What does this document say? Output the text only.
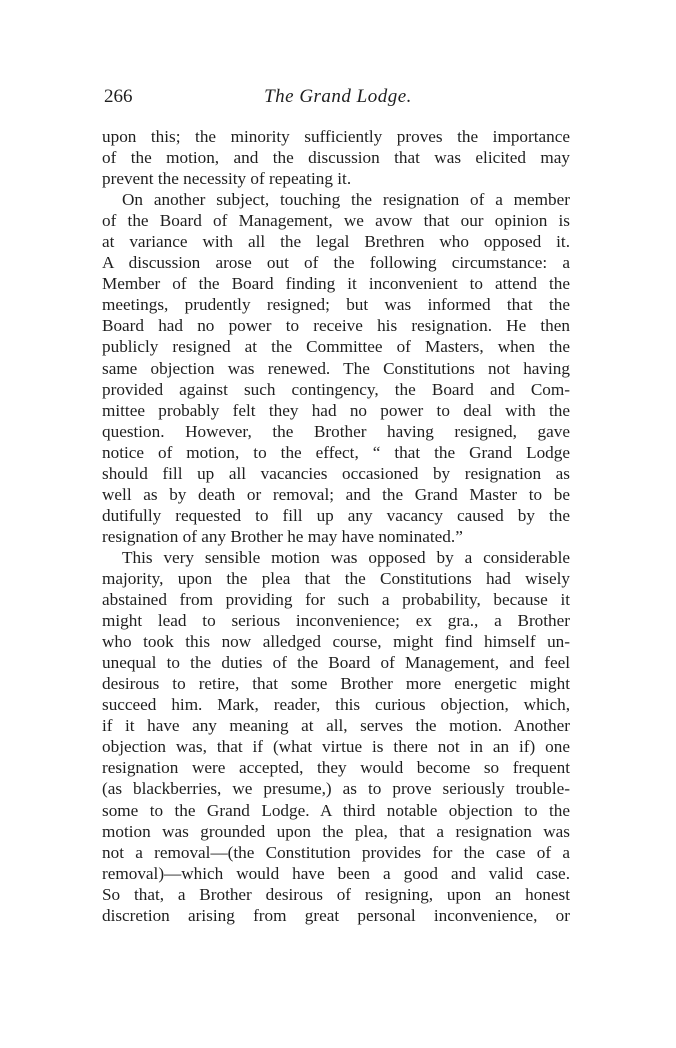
266	The Grand Lodge.
upon this; the minority sufficiently proves the importance
of the motion, and the discussion that was elicited may
prevent the necessity of repeating it.
On another subject, touching the resignation of a member
of the Board of Management, we avow that our opinion is
at variance with all the legal Brethren who opposed it.
A discussion arose out of the following circumstance: a
Member of the Board finding it inconvenient to attend the
meetings, prudently resigned; but was informed that the
Board had no power to receive his resignation. He then
publicly resigned at the Committee of Masters, when the
same objection was renewed. The Constitutions not having
provided against such contingency, the Board and Com-
mittee probably felt they had no power to deal with the
question. However, the Brother having resigned, gave
notice of motion, to the effect, “ that the Grand Lodge
should fill up all vacancies occasioned by resignation as
well as by death or removal; and the Grand Master to be
dutifully requested to fill up any vacancy caused by the
resignation of any Brother he may have nominated.”
This very sensible motion was opposed by a considerable
majority, upon the plea that the Constitutions had wisely
abstained from providing for such a probability, because it
might lead to serious inconvenience; ex gra., a Brother
who took this now alledged course, might find himself un-
unequal to the duties of the Board of Management, and feel
desirous to retire, that some Brother more energetic might
succeed him. Mark, reader, this curious objection, which,
if it have any meaning at all, serves the motion. Another
objection was, that if (what virtue is there not in an if) one
resignation were accepted, they would become so frequent
(as blackberries, we presume,) as to prove seriously trouble-
some to the Grand Lodge. A third notable objection to the
motion was grounded upon the plea, that a resignation was
not a removal—(the Constitution provides for the case of a
removal)—which would have been a good and valid case.
So that, a Brother desirous of resigning, upon an honest
discretion arising from great personal inconvenience, or
